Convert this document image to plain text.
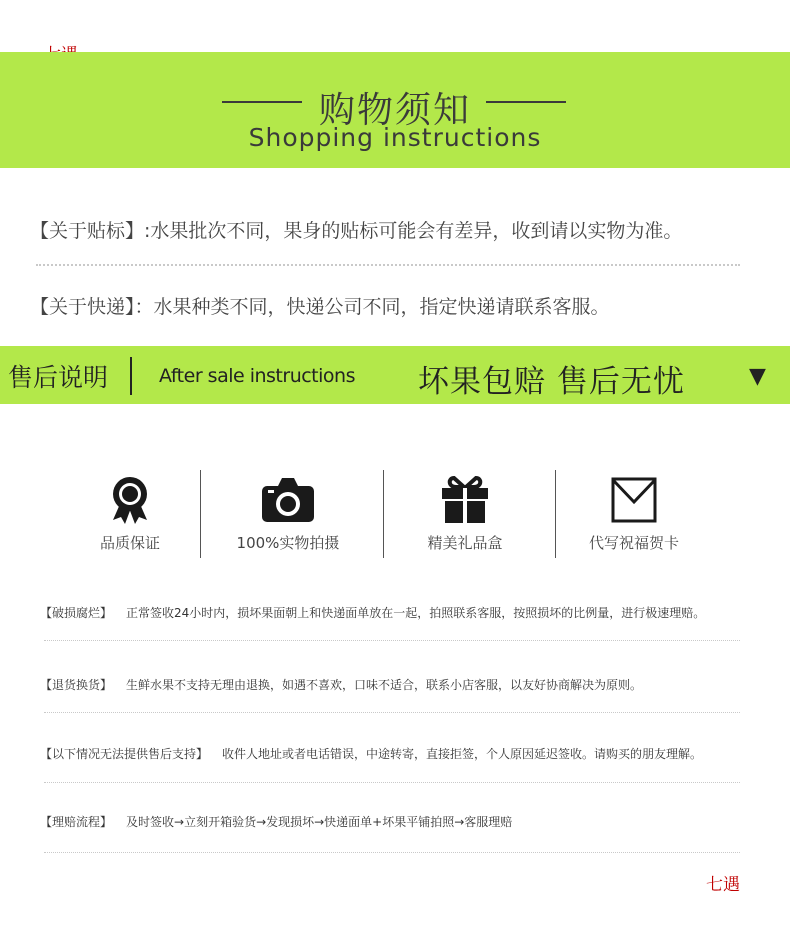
购物须知
Shopping instructions
【关于贴标】:水果批次不同，果身的贴标可能会有差异，收到请以实物为准。
【关于快递】：水果种类不同，快递公司不同，指定快递请联系客服。
售后说明	After sale instructions 坏果包赔 售后无忧	▼
品质保证	100%实物拍摄	精美礼品盒	代写祝福贺卡
【破损腐烂】 正常签收24小时内，损坏果面朝上和快递面单放在一起，拍照联系客服，按照损坏的比例量，进行极速理赔。
【退货换货】 生鲜水果不支持无理由退换，如遇不喜欢，口味不适合，联系小店客服，以友好协商解决为原则。
【以下情况无法提供售后支持】 收件人地址或者电话错误，中途转寄，直接拒签，个人原因延迟签收。请购买的朋友理解。
【理赔流程】 及时签收→立刻开箱验货→发现损坏→快递面单+坏果平铺拍照→客服理赔
七遇
